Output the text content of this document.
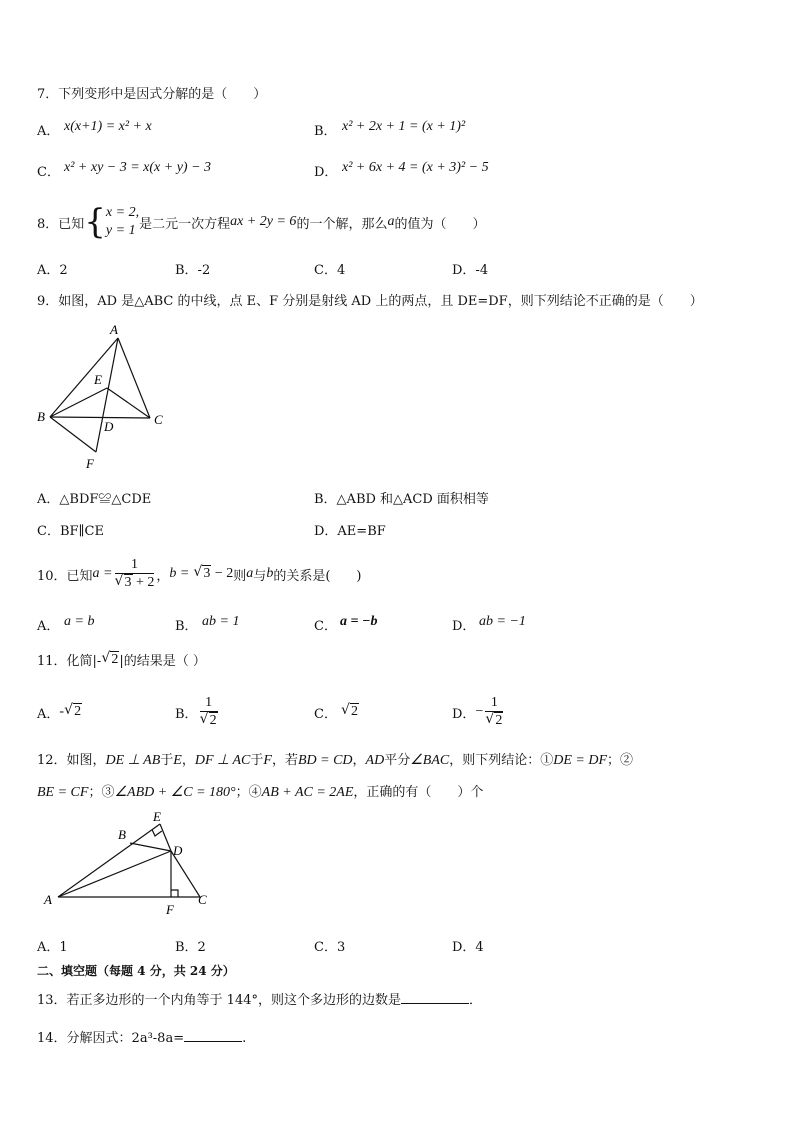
7．下列变形中是因式分解的是（　　）
A． x(x+1) = x² + x	B． x² + 2x + 1 = (x + 1)²
C． x² + xy − 3 = x(x + y) − 3	D． x² + 6x + 4 = (x + 3)² − 5
8．已知 { x = 2,
y = 1 是二元一次方程 ax + 2y = 6 的一个解，那么 a 的值为（　　）
A．2	B．-2	C．4	D．-4
9．如图，AD 是△ABC 的中线，点 E、F 分别是射线 AD 上的两点，且 DE=DF，则下列结论不正确的是（　　）
A
E
B
D	C
F
A．△BDF≌△CDE	B．△ABD 和△ACD 面积相等
C．BF∥CE	D．AE=BF
10．已知 a = 1
√ 3 + 2 ， b =	√ 3 − 2 则 a 与 b 的关系是(　　)
A． a = b	B． ab = 1	C． a = −b	D． ab = −1
11．化简|- √ 2 |的结果是（ ）
A． - √ 2	B． 1
√ 2	C．	√ 2	D． − 1
√ 2
12．如图，DE ⊥ AB于E，DF ⊥ AC于F，若BD = CD，AD平分∠BAC，则下列结论：①DE = DF；②
BE = CF；③∠ABD + ∠C = 180°；④AB + AC = 2AE，正确的有（　　）个
B
E
D
A
F
C
A．1	B．2	C．3	D．4
二、填空题（每题 4 分，共 24 分）
13．若正多边形的一个内角等于 144°，则这个多边形的边数是	．
14．分解因式：2a³-8a=	.
